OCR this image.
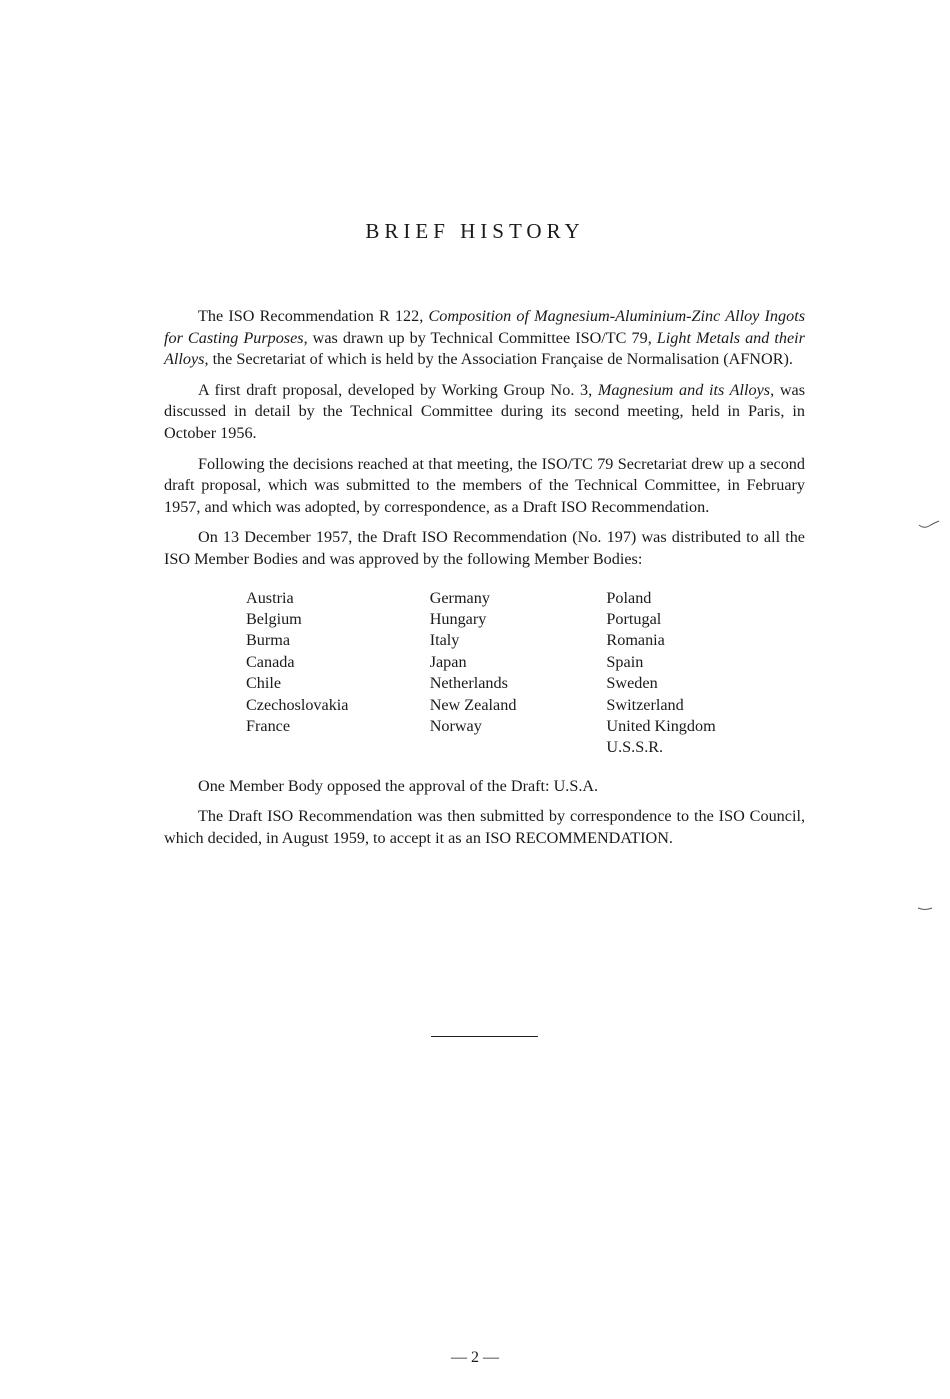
BRIEF HISTORY

The ISO Recommendation R 122, Composition of Magnesium-Aluminium-Zinc Alloy Ingots for Casting Purposes, was drawn up by Technical Committee ISO/TC 79, Light Metals and their Alloys, the Secretariat of which is held by the Association Française de Normalisation (AFNOR).

A first draft proposal, developed by Working Group No. 3, Magnesium and its Alloys, was discussed in detail by the Technical Committee during its second meeting, held in Paris, in October 1956.

Following the decisions reached at that meeting, the ISO/TC 79 Secretariat drew up a second draft proposal, which was submitted to the members of the Technical Committee, in February 1957, and which was adopted, by correspondence, as a Draft ISO Recommendation.

On 13 December 1957, the Draft ISO Recommendation (No. 197) was distributed to all the ISO Member Bodies and was approved by the following Member Bodies:

Austria
Belgium
Burma
Canada
Chile
Czechoslovakia
France
Germany
Hungary
Italy
Japan
Netherlands
New Zealand
Norway
Poland
Portugal
Romania
Spain
Sweden
Switzerland
United Kingdom
U.S.S.R.

One Member Body opposed the approval of the Draft: U.S.A.

The Draft ISO Recommendation was then submitted by correspondence to the ISO Council, which decided, in August 1959, to accept it as an ISO RECOMMENDATION.

— 2 —
